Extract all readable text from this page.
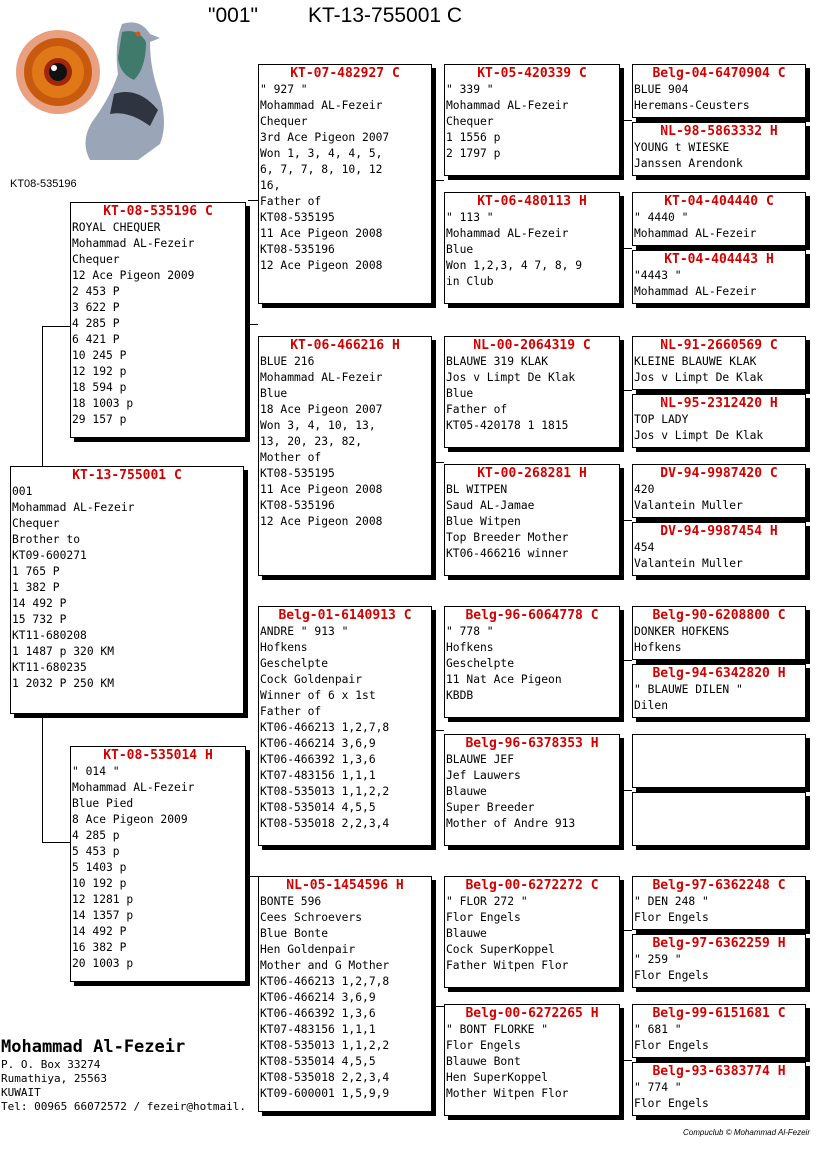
"001" KT-13-755001 C
KT08-535196
KT-13-755001 C
001
Mohammad AL-Fezeir
Chequer
Brother to
KT09-600271
1 765 P
1 382 P
14 492 P
15 732 P
KT11-680208
1 1487 p 320 KM
KT11-680235
1 2032 P 250 KM
KT-08-535196 C
ROYAL CHEQUER
Mohammad AL-Fezeir
Chequer
12 Ace Pigeon 2009
2 453 P
3 622 P
4 285 P
6 421 P
10 245 P
12 192 p
18 594 p
18 1003 p
29 157 p
KT-08-535014 H
" 014 "
Mohammad AL-Fezeir
Blue Pied
8 Ace Pigeon 2009
4 285 p
5 453 p
5 1403 p
10 192 p
12 1281 p
14 1357 p
14 492 P
16 382 P
20 1003 p
KT-07-482927 C
" 927 "
Mohammad AL-Fezeir
Chequer
3rd Ace Pigeon 2007
Won 1, 3, 4, 4, 5,
6, 7, 7, 8, 10, 12
16,
Father of
KT08-535195
11 Ace Pigeon 2008
KT08-535196
12 Ace Pigeon 2008
KT-06-466216 H
BLUE 216
Mohammad AL-Fezeir
Blue
18 Ace Pigeon 2007
Won 3, 4, 10, 13,
13, 20, 23, 82,
Mother of
KT08-535195
11 Ace Pigeon 2008
KT08-535196
12 Ace Pigeon 2008
Belg-01-6140913 C
ANDRE " 913 "
Hofkens
Geschelpte
Cock Goldenpair
Winner of 6 x 1st
Father of
KT06-466213 1,2,7,8
KT06-466214 3,6,9
KT06-466392 1,3,6
KT07-483156 1,1,1
KT08-535013 1,1,2,2
KT08-535014 4,5,5
KT08-535018 2,2,3,4
NL-05-1454596 H
BONTE 596
Cees Schroevers
Blue Bonte
Hen Goldenpair
Mother and G Mother
KT06-466213 1,2,7,8
KT06-466214 3,6,9
KT06-466392 1,3,6
KT07-483156 1,1,1
KT08-535013 1,1,2,2
KT08-535014 4,5,5
KT08-535018 2,2,3,4
KT09-600001 1,5,9,9
KT-05-420339 C
" 339 "
Mohammad AL-Fezeir
Chequer
1 1556 p
2 1797 p
KT-06-480113 H
" 113 "
Mohammad AL-Fezeir
Blue
Won 1,2,3, 4 7, 8, 9
in Club
NL-00-2064319 C
BLAUWE 319 KLAK
Jos v Limpt De Klak
Blue
Father of
KT05-420178 1 1815
KT-00-268281 H
BL WITPEN
Saud AL-Jamae
Blue Witpen
Top Breeder Mother
KT06-466216 winner
Belg-96-6064778 C
" 778 "
Hofkens
Geschelpte
11 Nat Ace Pigeon
KBDB
Belg-96-6378353 H
BLAUWE JEF
Jef Lauwers
Blauwe
Super Breeder
Mother of Andre 913
Belg-00-6272272 C
" FLOR 272 "
Flor Engels
Blauwe
Cock SuperKoppel
Father Witpen Flor
Belg-00-6272265 H
" BONT FLORKE "
Flor Engels
Blauwe Bont
Hen SuperKoppel
Mother Witpen Flor
Belg-04-6470904 C
BLUE 904
Heremans-Ceusters
NL-98-5863332 H
YOUNG t WIESKE
Janssen Arendonk
KT-04-404440 C
" 4440 "
Mohammad AL-Fezeir
KT-04-404443 H
"4443 "
Mohammad AL-Fezeir
NL-91-2660569 C
KLEINE BLAUWE KLAK
Jos v Limpt De Klak
NL-95-2312420 H
TOP LADY
Jos v Limpt De Klak
DV-94-9987420 C
420
Valantein Muller
DV-94-9987454 H
454
Valantein Muller
Belg-90-6208800 C
DONKER HOFKENS
Hofkens
Belg-94-6342820 H
" BLAUWE DILEN "
Dilen
Belg-97-6362248 C
" DEN 248 "
Flor Engels
Belg-97-6362259 H
" 259 "
Flor Engels
Belg-99-6151681 C
" 681 "
Flor Engels
Belg-93-6383774 H
" 774 "
Flor Engels
Mohammad Al-Fezeir
P. O. Box 33274
Rumathiya, 25563
KUWAIT
Tel: 00965 66072572 / fezeir@hotmail.
Compuclub © Mohammad Al-Fezeir
